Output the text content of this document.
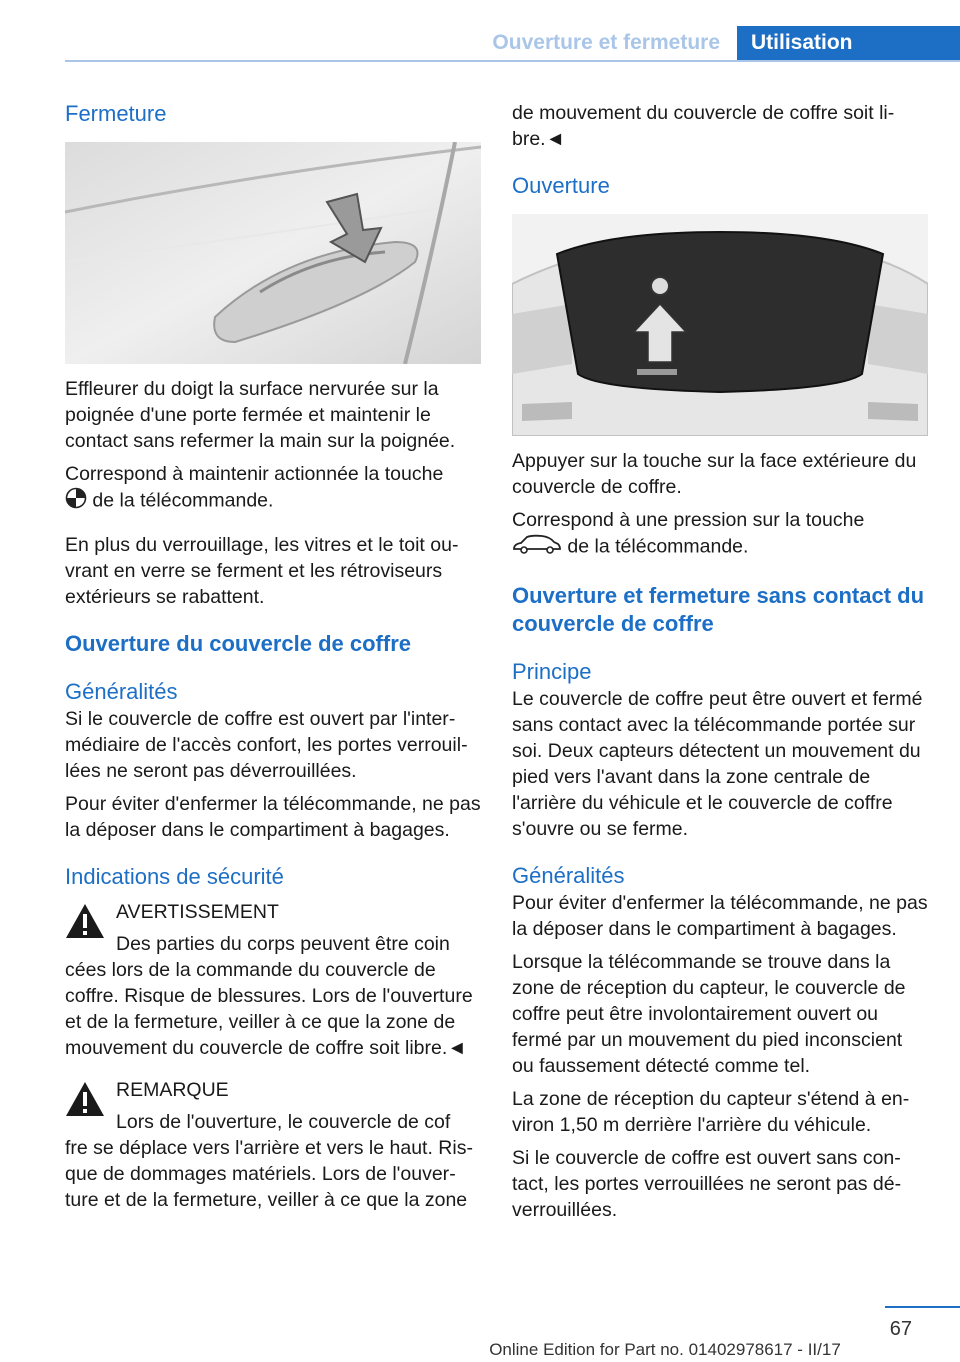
Ouverture et fermeture	Utilisation
Fermeture

Effleurer du doigt la surface nervurée sur la poignée d'une porte fermée et maintenir le contact sans refermer la main sur la poignée.

Correspond à maintenir actionnée la touche
de la télécommande.

En plus du verrouillage, les vitres et le toit ouvrant en verre se ferment et les rétroviseurs extérieurs se rabattent.

Ouverture du couvercle de coffre
Généralités

Si le couvercle de coffre est ouvert par l'intermédiaire de l'accès confort, les portes verrouillées ne seront pas déverrouillées.

Pour éviter d'enfermer la télécommande, ne pas la déposer dans le compartiment à bagages.

Indications de sécurité
AVERTISSEMENT

Des parties du corps peuvent être coin

cées lors de la commande du couvercle de coffre. Risque de blessures. Lors de l'ouverture et de la fermeture, veiller à ce que la zone de mouvement du couvercle de coffre soit libre.◄

REMARQUE

Lors de l'ouverture, le couvercle de cof

fre se déplace vers l'arrière et vers le haut. Risque de dommages matériels. Lors de l'ouverture et de la fermeture, veiller à ce que la zone

de mouvement du couvercle de coffre soit libre.◄

Ouverture

Appuyer sur la touche sur la face extérieure du couvercle de coffre.

Correspond à une pression sur la touche
de la télécommande.

Ouverture et fermeture sans contact du couvercle de coffre
Principe

Le couvercle de coffre peut être ouvert et fermé sans contact avec la télécommande portée sur soi. Deux capteurs détectent un mouvement du pied vers l'avant dans la zone centrale de l'arrière du véhicule et le couvercle de coffre s'ouvre ou se ferme.

Généralités

Pour éviter d'enfermer la télécommande, ne pas la déposer dans le compartiment à bagages.

Lorsque la télécommande se trouve dans la zone de réception du capteur, le couvercle de coffre peut être involontairement ouvert ou fermé par un mouvement du pied inconscient ou faussement détecté comme tel.

La zone de réception du capteur s'étend à environ 1,50 m derrière l'arrière du véhicule.

Si le couvercle de coffre est ouvert sans contact, les portes verrouillées ne seront pas déverrouillées.

67
Online Edition for Part no. 01402978617 - II/17
